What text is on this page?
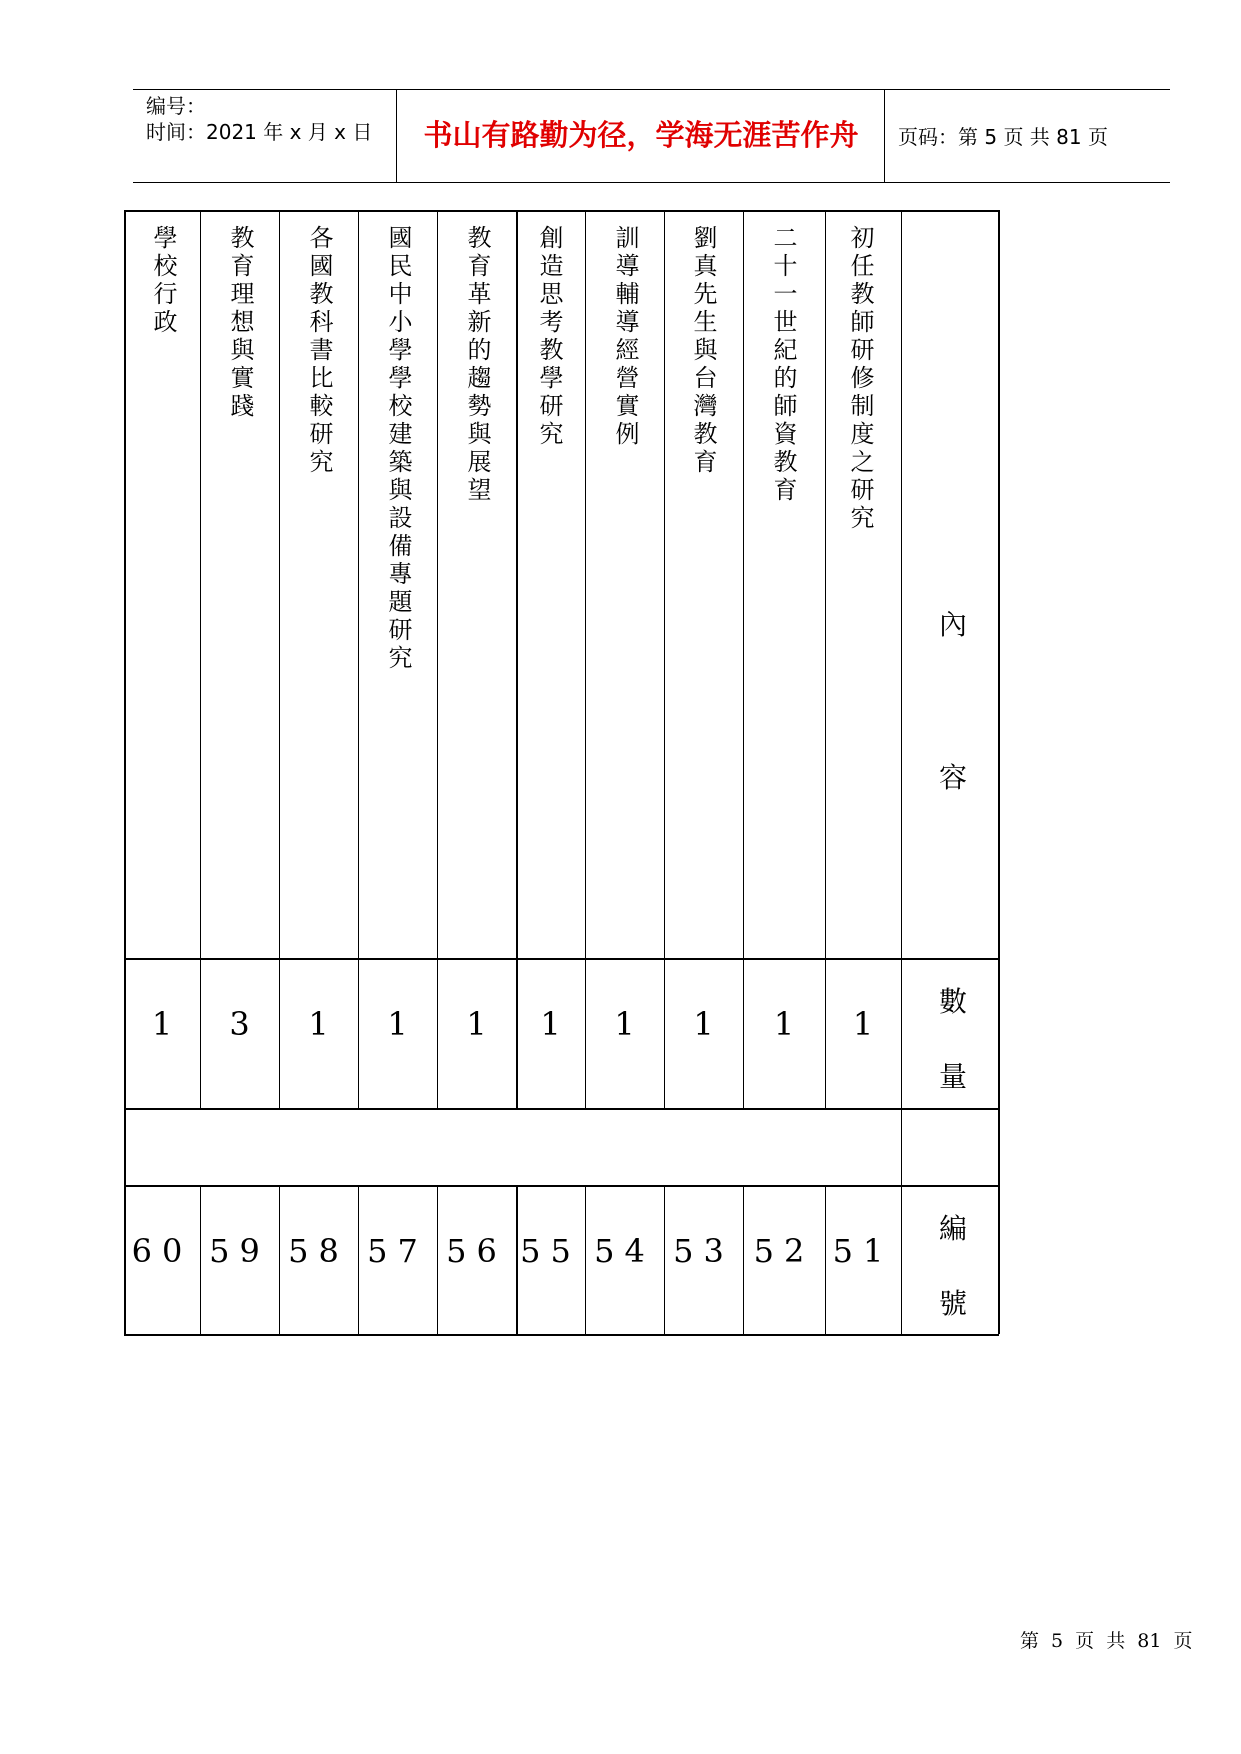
编号：
时间：2021 年 x 月 x 日	书山有路勤为径，学海无涯苦作舟	页码：第 5 页 共 81 页
內
容
數
量
編
號
學校行政
1
60
教育理想與實踐
3
59
各國教科書比較研究
1
58
國民中小學學校建築與設備專題研究
1
57
教育革新的趨勢與展望
1
56
創造思考教學研究
1
55
訓導輔導經營實例
1
54
劉真先生與台灣教育
1
53
二十一世紀的師資教育
1
52
初任教師研修制度之研究
1
51
第 5 页 共 81 页
